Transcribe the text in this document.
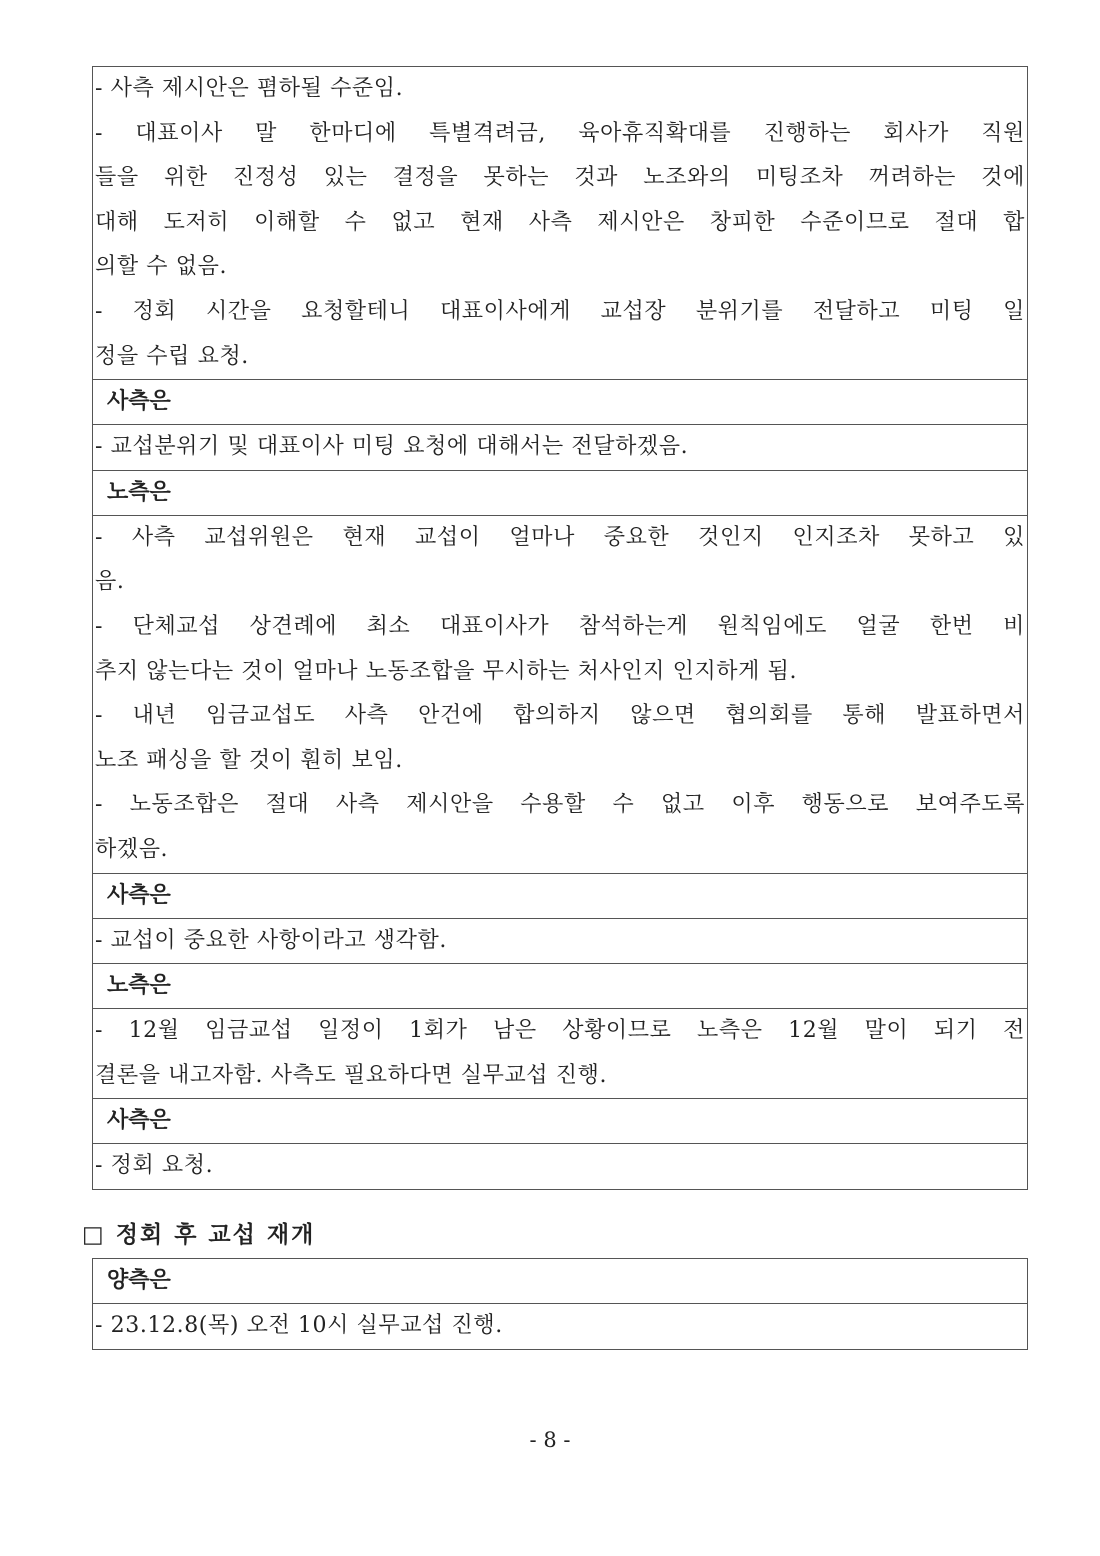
- 사측 제시안은 폄하될 수준임.
- 대표이사 말 한마디에 특별격려금, 육아휴직확대를 진행하는 회사가 직원
들을 위한 진정성 있는 결정을 못하는 것과 노조와의 미팅조차 꺼려하는 것에
대해 도저히 이해할 수 없고 현재 사측 제시안은 창피한 수준이므로 절대 합
의할 수 없음.
- 정회 시간을 요청할테니 대표이사에게 교섭장 분위기를 전달하고 미팅 일
정을 수립 요청.

사측은

- 교섭분위기 및 대표이사 미팅 요청에 대해서는 전달하겠음.

노측은

- 사측 교섭위원은 현재 교섭이 얼마나 중요한 것인지 인지조차 못하고 있
음.
- 단체교섭 상견례에 최소 대표이사가 참석하는게 원칙임에도 얼굴 한번 비
추지 않는다는 것이 얼마나 노동조합을 무시하는 처사인지 인지하게 됨.
- 내년 임금교섭도 사측 안건에 합의하지 않으면 협의회를 통해 발표하면서
노조 패싱을 할 것이 훤히 보임.
- 노동조합은 절대 사측 제시안을 수용할 수 없고 이후 행동으로 보여주도록
하겠음.

사측은

- 교섭이 중요한 사항이라고 생각함.

노측은

- 12월 임금교섭 일정이 1회가 남은 상황이므로 노측은 12월 말이 되기 전
결론을 내고자함. 사측도 필요하다면 실무교섭 진행.

사측은

- 정회 요청.
□ 정회 후 교섭 재개
양측은

- 23.12.8(목) 오전 10시 실무교섭 진행.
- 8 -
